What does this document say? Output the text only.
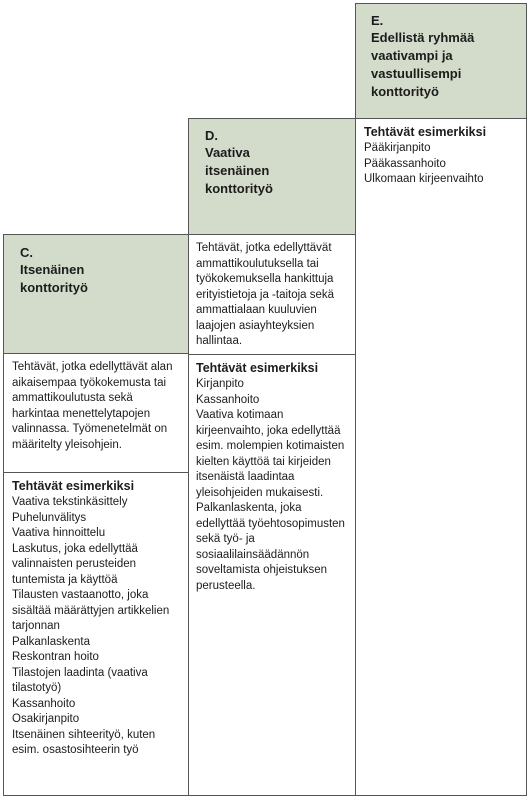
C.
Itsenäinen konttorityö
Tehtävät, jotka edellyttävät alan aikaisempaa työkokemusta tai ammattikoulutusta sekä harkintaa menettelytapojen valinnassa. Työmenetelmät on määritelty yleisohjein.
Tehtävät esimerkiksi
Vaativa tekstinkäsittely
Puhelunvälitys
Vaativa hinnoittelu
Laskutus, joka edellyttää valinnaisten perusteiden tuntemista ja käyttöä
Tilausten vastaanotto, joka sisältää määrättyjen artikkelien tarjonnan
Palkanlaskenta
Reskontran hoito
Tilastojen laadinta (vaativa tilastotyö)
Kassanhoito
Osakirjanpito
Itsenäinen sihteerityö, kuten esim. osastosihteerin työ
D.
Vaativa itsenäinen konttorityö
Tehtävät, jotka edellyttävät ammattikoulutuksella tai työkokemuksella hankittuja erityistietoja ja -taitoja sekä ammattialaan kuuluvien laajojen asiayhteyksien hallintaa.
Tehtävät esimerkiksi
Kirjanpito
Kassanhoito
Vaativa kotimaan kirjeenvaihto, joka edellyttää esim. molempien kotimaisten kielten käyttöä tai kirjeiden itsenäistä laadintaa yleisohjeiden mukaisesti.
Palkanlaskenta, joka edellyttää työehtosopimusten sekä työ- ja sosiaalilainsäädännön soveltamista ohjeistuksen perusteella.
E.
Edellistä ryhmää vaativampi ja vastuullisempi konttorityö
Tehtävät esimerkiksi
Pääkirjanpito
Pääkassanhoito
Ulkomaan kirjeenvaihto
